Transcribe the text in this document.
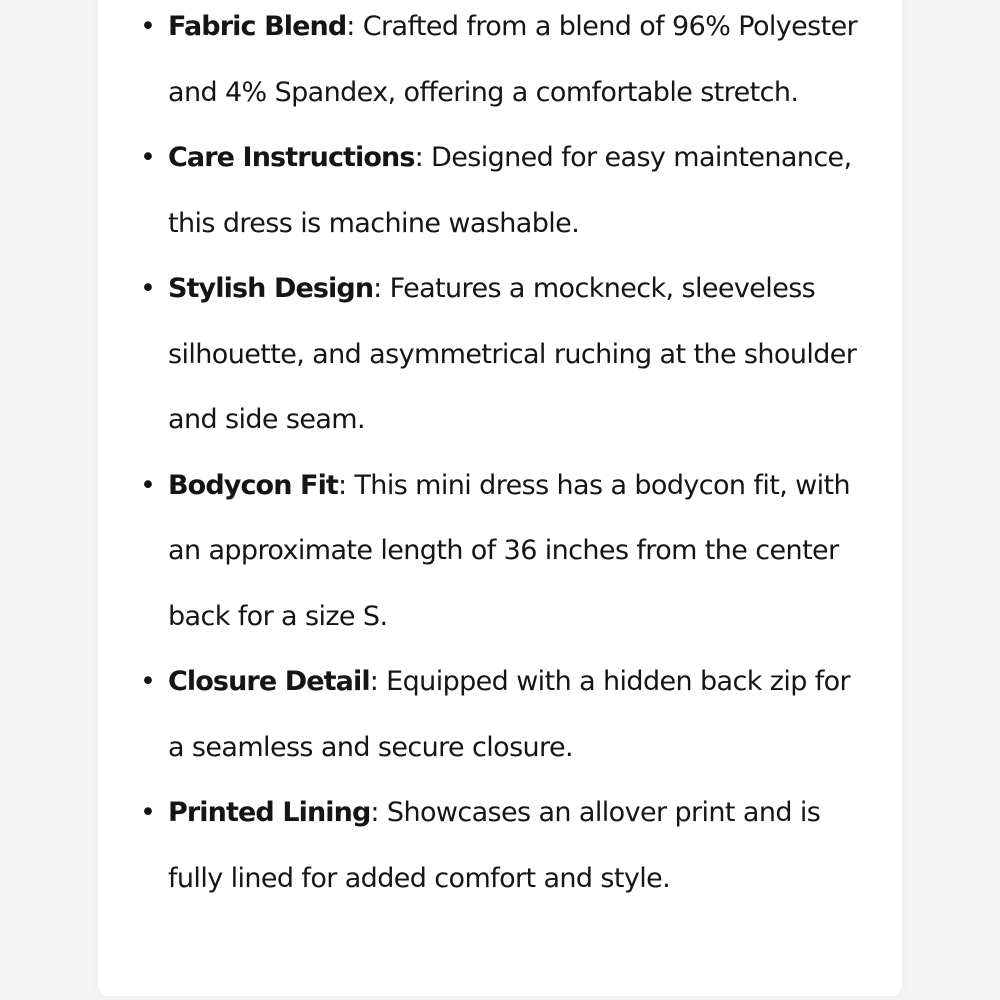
• Fabric Blend: Crafted from a blend of 96% Polyester and 4% Spandex, offering a comfortable stretch.
• Care Instructions: Designed for easy maintenance, this dress is machine washable.
• Stylish Design: Features a mockneck, sleeveless silhouette, and asymmetrical ruching at the shoulder and side seam.
• Bodycon Fit: This mini dress has a bodycon fit, with an approximate length of 36 inches from the center back for a size S.
• Closure Detail: Equipped with a hidden back zip for a seamless and secure closure.
• Printed Lining: Showcases an allover print and is fully lined for added comfort and style.
